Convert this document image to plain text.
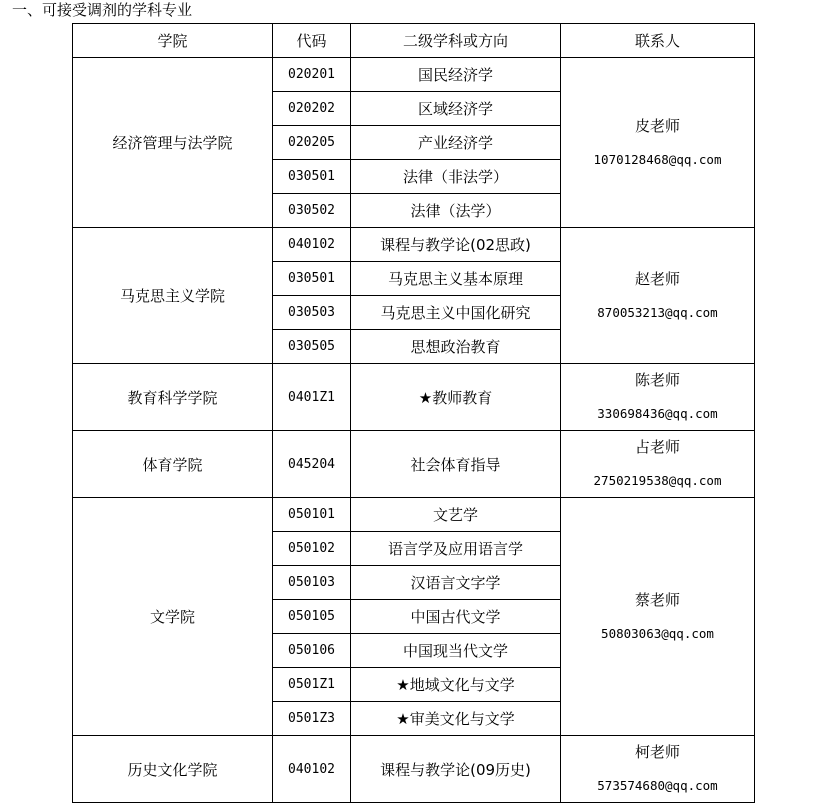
一、可接受调剂的学科专业
学院	代码	二级学科或方向	联系人
经济管理与法学院	020201	国民经济学	皮老师
1070128468@qq.com

	020202	区域经济学	
	020205	产业经济学	
	030501	法律（非法学）	
	030502	法律（法学）	
马克思主义学院	040102	课程与教学论(02思政)	赵老师
870053213@qq.com

	030501	马克思主义基本原理	
	030503	马克思主义中国化研究	
	030505	思想政治教育	
教育科学学院	0401Z1	★教师教育	陈老师
330698436@qq.com

体育学院	045204	社会体育指导	占老师
2750219538@qq.com

文学院	050101	文艺学	蔡老师
50803063@qq.com

	050102	语言学及应用语言学	
	050103	汉语言文字学	
	050105	中国古代文学	
	050106	中国现当代文学	
	0501Z1	★地域文化与文学	
	0501Z3	★审美文化与文学	
历史文化学院	040102	课程与教学论(09历史)	柯老师
573574680@qq.com
